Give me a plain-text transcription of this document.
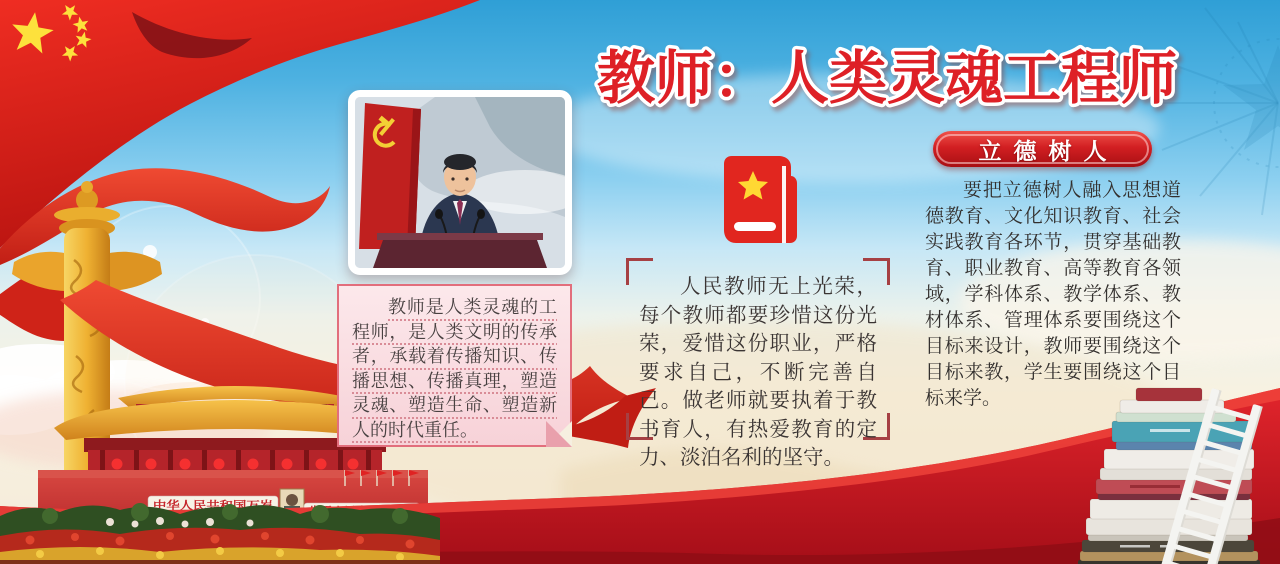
中华人民共和国万岁
教师是人类灵魂的工程师，是人类文明的传承者，承载着传播知识、传播思想、传播真理，塑造灵魂、塑造生命、塑造新人的时代重任。
教师：人类灵魂工程师
人民教师无上光荣，每个教师都要珍惜这份光荣，爱惜这份职业，严格要求自己，不断完善自己。做老师就要执着于教书育人，有热爱教育的定力、淡泊名利的坚守。
立德树人
要把立德树人融入思想道德教育、文化知识教育、社会实践教育各环节，贯穿基础教育、职业教育、高等教育各领域，学科体系、教学体系、教材体系、管理体系要围绕这个目标来设计，教师要围绕这个目标来教，学生要围绕这个目标来学。
